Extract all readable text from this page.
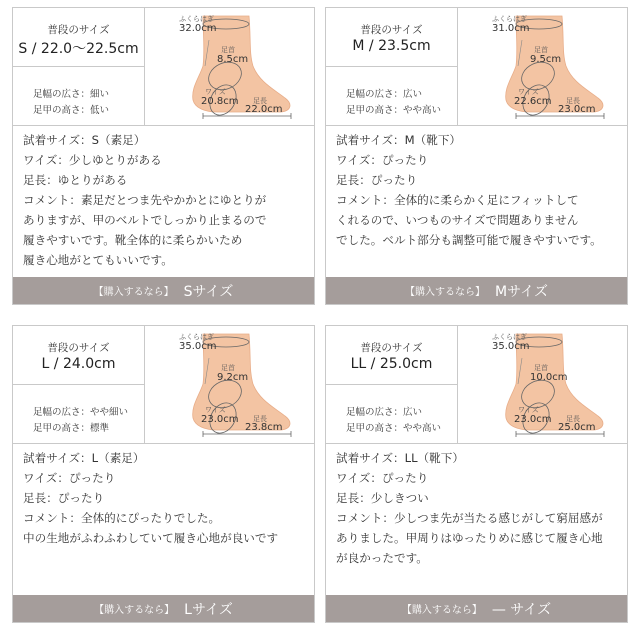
普段のサイズ
S / 22.0〜22.5cm
足幅の広さ：細い
足甲の高さ：低い
ふくらはぎ
32.0cm
足首
8.5cm
ワイズ
20.8cm 足長
22.0cm
試着サイズ：S（素足）
ワイズ：少しゆとりがある
足長：ゆとりがある
コメント：素足だとつま先やかかとにゆとりが
ありますが、甲のベルトでしっかり止まるので
履きやすいです。靴全体的に柔らかいため
履き心地がとてもいいです。
【購入するなら】 Sサイズ
普段のサイズ
M / 23.5cm
足幅の広さ：広い
足甲の高さ：やや高い
ふくらはぎ
31.0cm
足首
9.5cm
ワイズ
22.6cm 足長
23.0cm
試着サイズ：M（靴下）
ワイズ：ぴったり
足長：ぴったり
コメント：全体的に柔らかく足にフィットして
くれるので、いつものサイズで問題ありません
でした。ベルト部分も調整可能で履きやすいです。
【購入するなら】 Mサイズ
普段のサイズ
L / 24.0cm
足幅の広さ：やや細い
足甲の高さ：標準
ふくらはぎ
35.0cm
足首
9.2cm
ワイズ
23.0cm 足長
23.8cm
試着サイズ：L（素足）
ワイズ：ぴったり
足長：ぴったり
コメント：全体的にぴったりでした。
中の生地がふわふわしていて履き心地が良いです
【購入するなら】 Lサイズ
普段のサイズ
LL / 25.0cm
足幅の広さ：広い
足甲の高さ：やや高い
ふくらはぎ
35.0cm
足首
10.0cm
ワイズ
23.0cm 足長
25.0cm
試着サイズ：LL（靴下）
ワイズ：ぴったり
足長：少しきつい
コメント：少しつま先が当たる感じがして窮屈感が
ありました。甲周りはゆったりめに感じて履き心地
が良かったです。
【購入するなら】 — サイズ
